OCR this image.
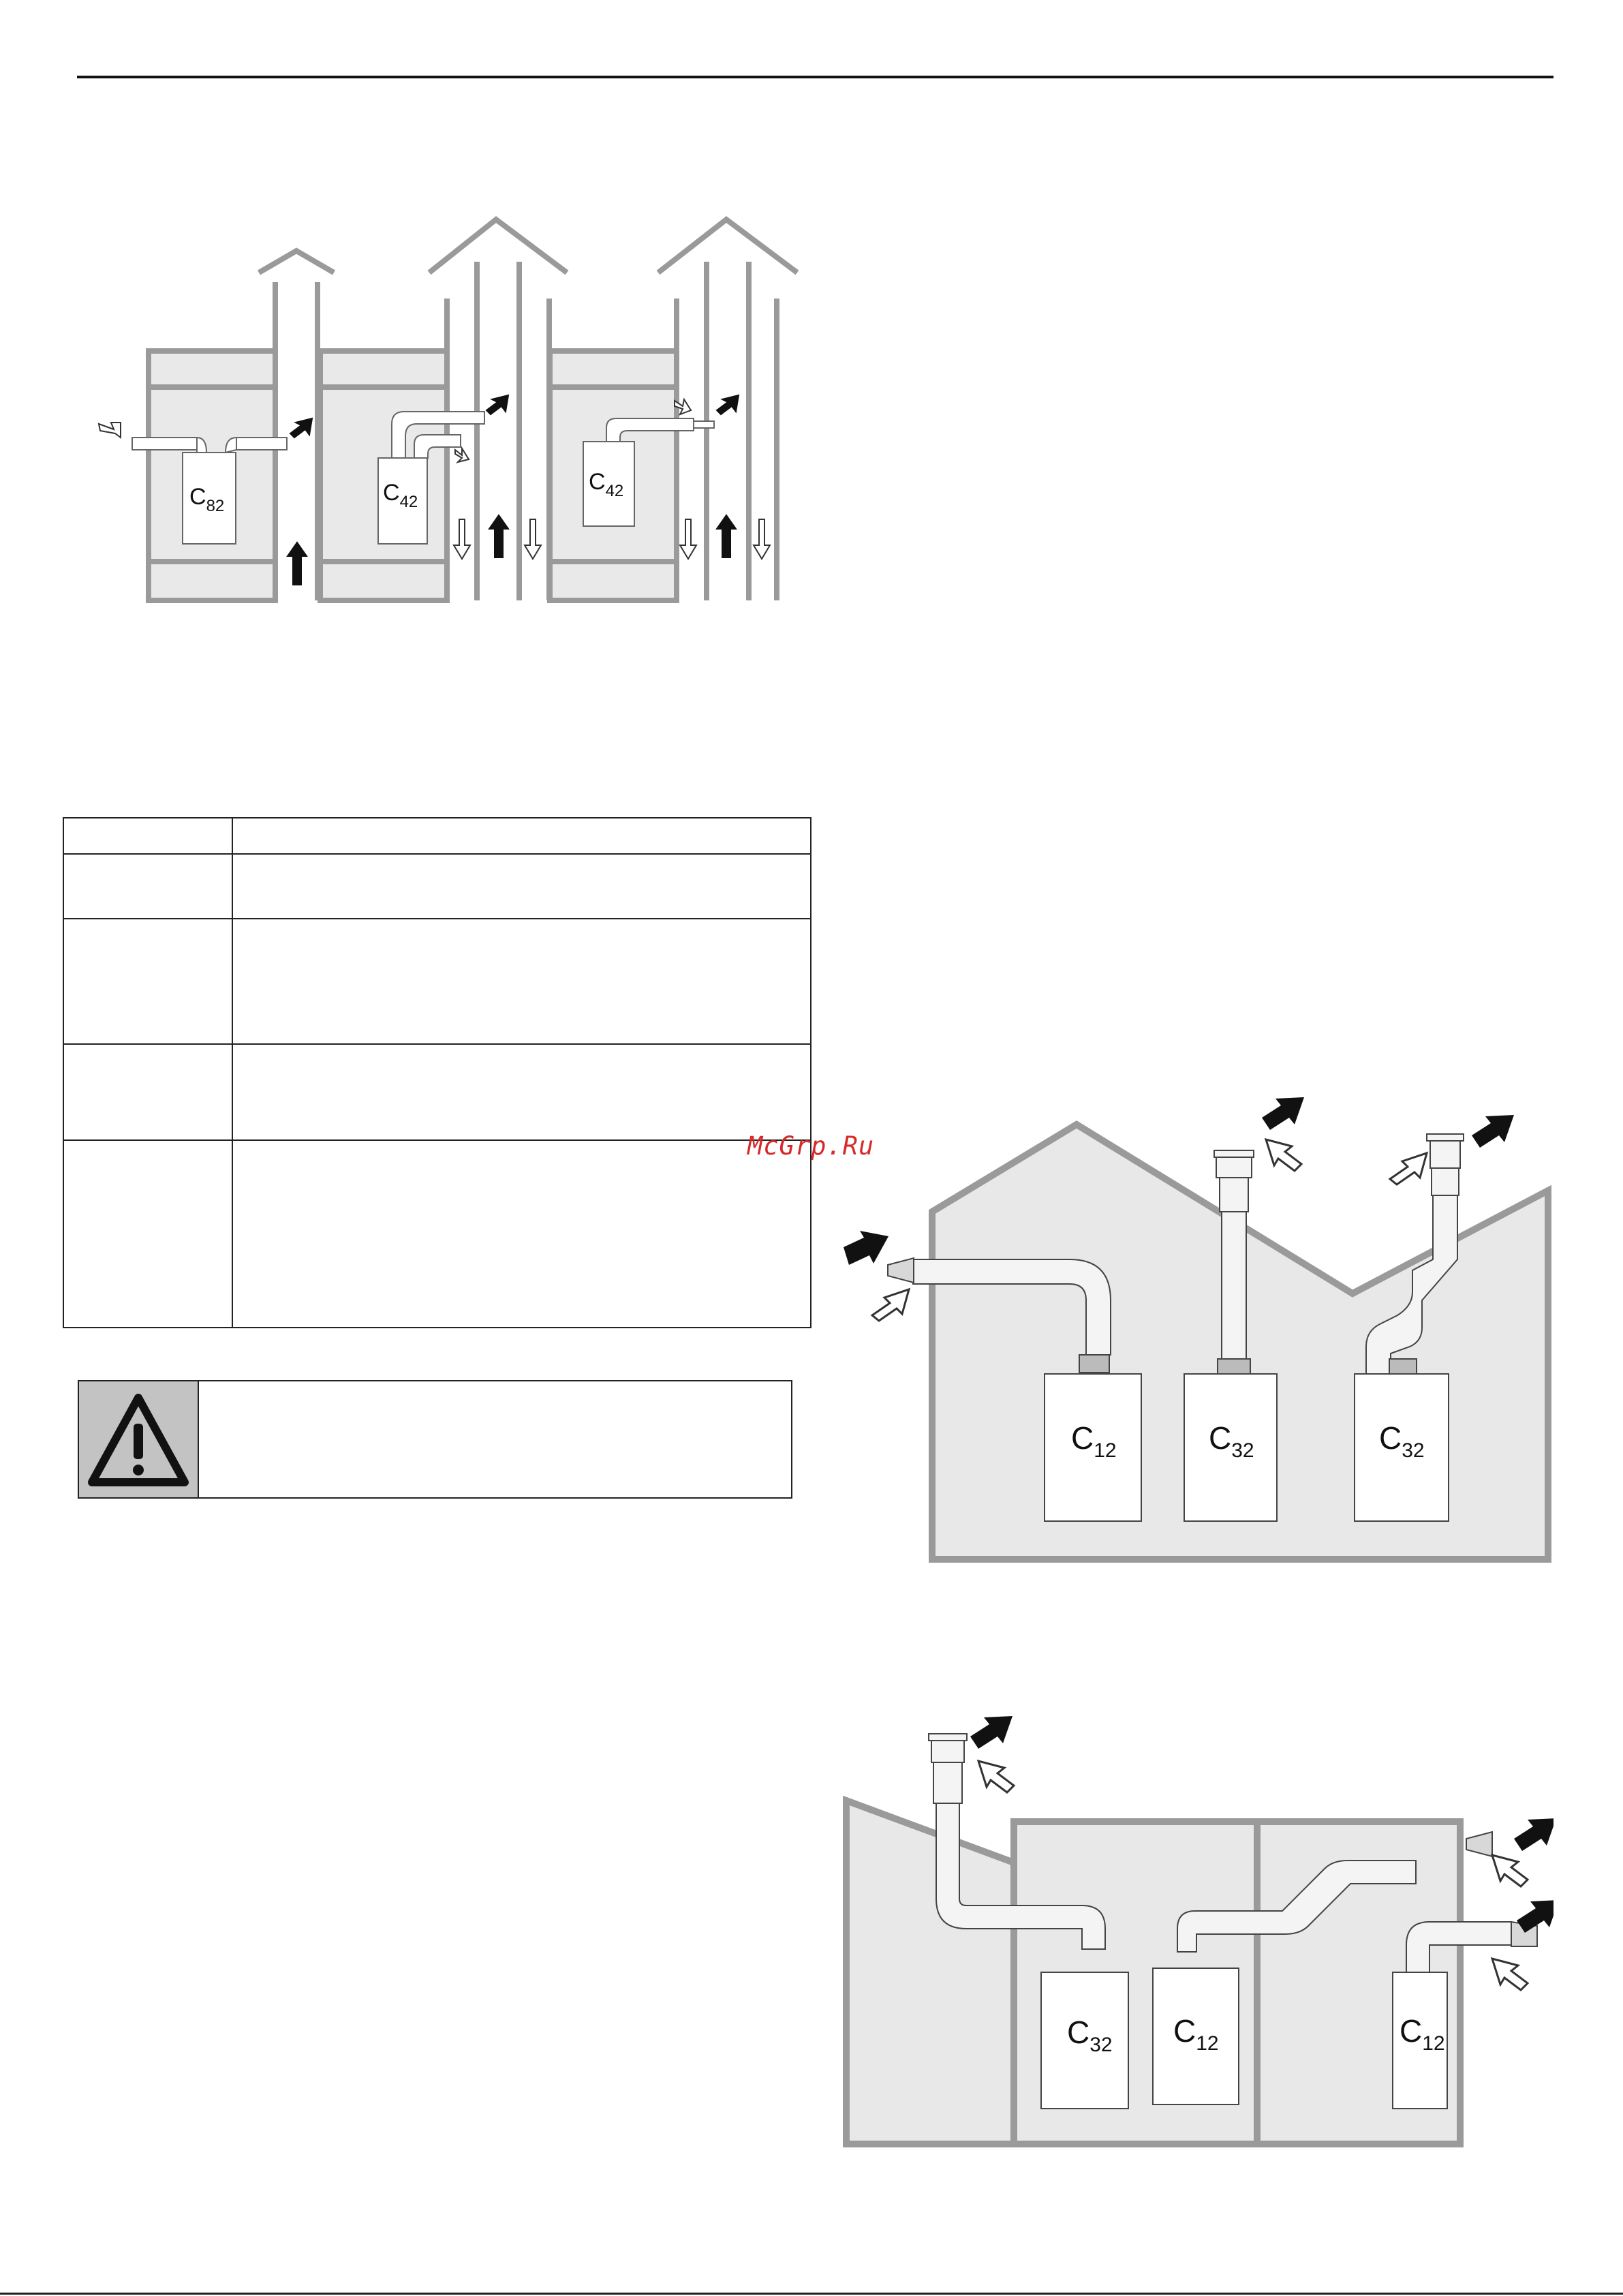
$C_{82}$
$C_{42}$
$C_{42}$
McGrp.Ru
$C_{12}$	$C_{32}$	$C_{32}$
$C_{32}$ $C_{12}$	$C_{12}$
